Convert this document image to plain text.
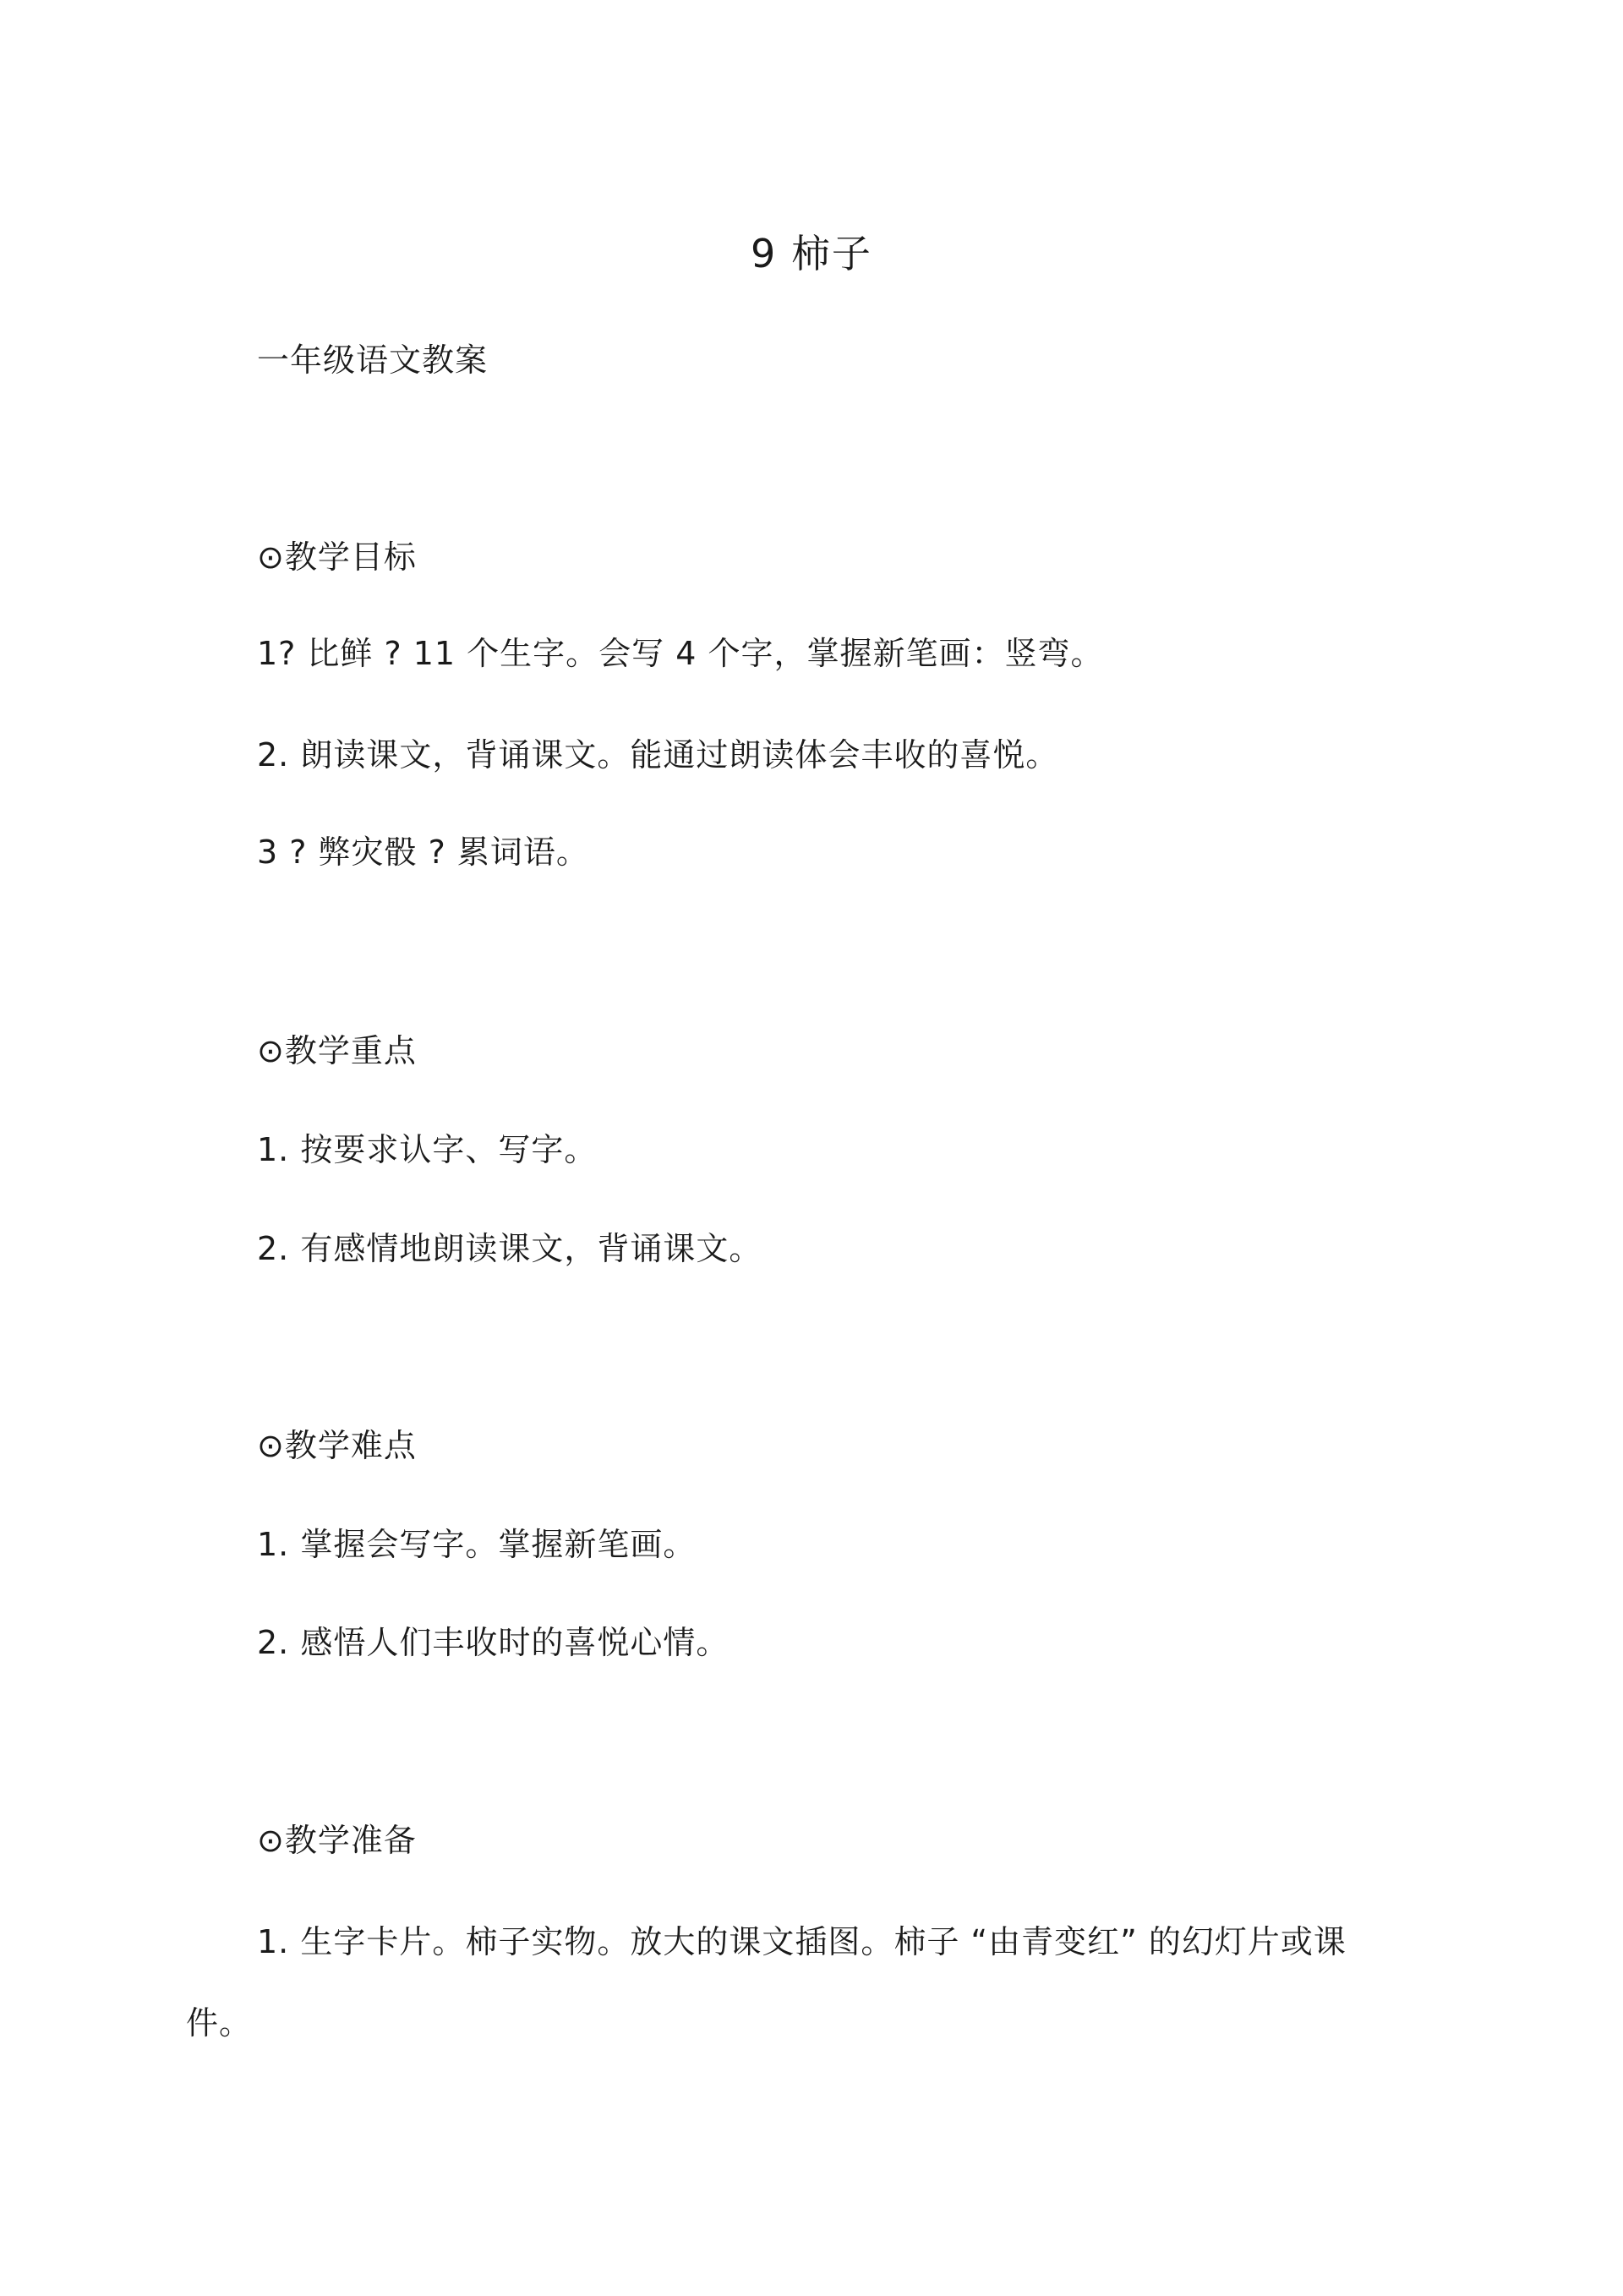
9 柿子
一年级语文教案
⊙教学目标
1? 比鲜 ? 11 个生字。会写 4 个字，掌握新笔画：竖弯。
2. 朗读课文，背诵课文。能通过朗读体会丰收的喜悦。
3 ? 弊灾骰 ? 累词语。
⊙教学重点
1. 按要求认字、写字。
2. 有感情地朗读课文，背诵课文。
⊙教学难点
1. 掌握会写字。掌握新笔画。
2. 感悟人们丰收时的喜悦心情。
⊙教学准备
1. 生字卡片。柿子实物。放大的课文插图。柿子 “由青变红” 的幻灯片或课
件。
